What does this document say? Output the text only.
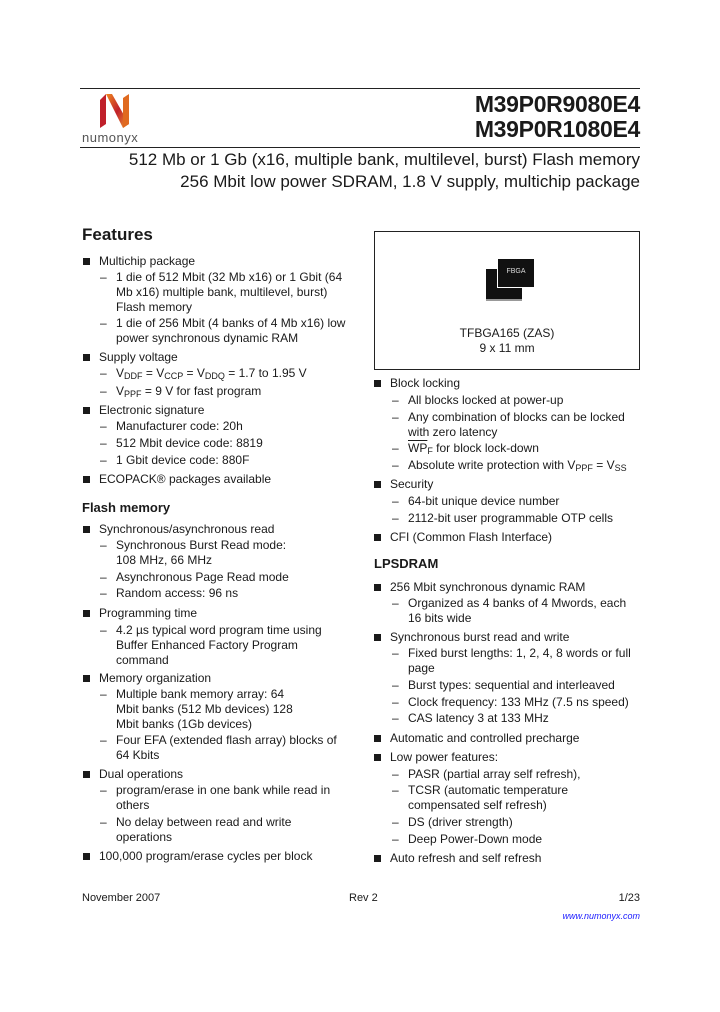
numonyx
M39P0R9080E4
M39P0R1080E4
512 Mb or 1 Gb (x16, multiple bank, multilevel, burst) Flash memory
256 Mbit low power SDRAM, 1.8 V supply, multichip package
Features
Multichip package
– 1 die of 512 Mbit (32 Mb x16) or 1 Gbit (64 Mb x16) multiple bank, multilevel, burst) Flash memory
– 1 die of 256 Mbit (4 banks of 4 Mb x16) low power synchronous dynamic RAM
Supply voltage
– $V_{DDF} = V_{CCP} = V_{DDQ} = 1.7$ to 1.95 V
– $V_{PPF} = 9$ V for fast program
Electronic signature
– Manufacturer code: 20h
– 512 Mbit device code: 8819
– 1 Gbit device code: 880F
ECOPACK® packages available
Flash memory
Synchronous/asynchronous read
– Synchronous Burst Read mode: 108 MHz, 66 MHz
– Asynchronous Page Read mode
– Random access: 96 ns
Programming time
– 4.2 µs typical word program time using Buffer Enhanced Factory Program command
Memory organization
– Multiple bank memory array: 64 Mbit banks (512 Mb devices) 128 Mbit banks (1Gb devices)
– Four EFA (extended flash array) blocks of 64 Kbits
Dual operations
– program/erase in one bank while read in others
– No delay between read and write operations
100,000 program/erase cycles per block
FBGA
TFBGA165 (ZAS)
9 x 11 mm
Block locking
– All blocks locked at power-up
– Any combination of blocks can be locked with zero latency
– $\overline{WP}_F$ for block lock-down
– Absolute write protection with $V_{PPF} = V_{SS}$
Security
– 64-bit unique device number
– 2112-bit user programmable OTP cells
CFI (Common Flash Interface)
LPSDRAM
256 Mbit synchronous dynamic RAM
– Organized as 4 banks of 4 Mwords, each 16 bits wide
Synchronous burst read and write
– Fixed burst lengths: 1, 2, 4, 8 words or full page
– Burst types: sequential and interleaved
– Clock frequency: 133 MHz (7.5 ns speed)
– CAS latency 3 at 133 MHz
Automatic and controlled precharge
Low power features:
– PASR (partial array self refresh),
– TCSR (automatic temperature compensated self refresh)
– DS (driver strength)
– Deep Power-Down mode
Auto refresh and self refresh
November 2007	Rev 2	1/23
www.numonyx.com
